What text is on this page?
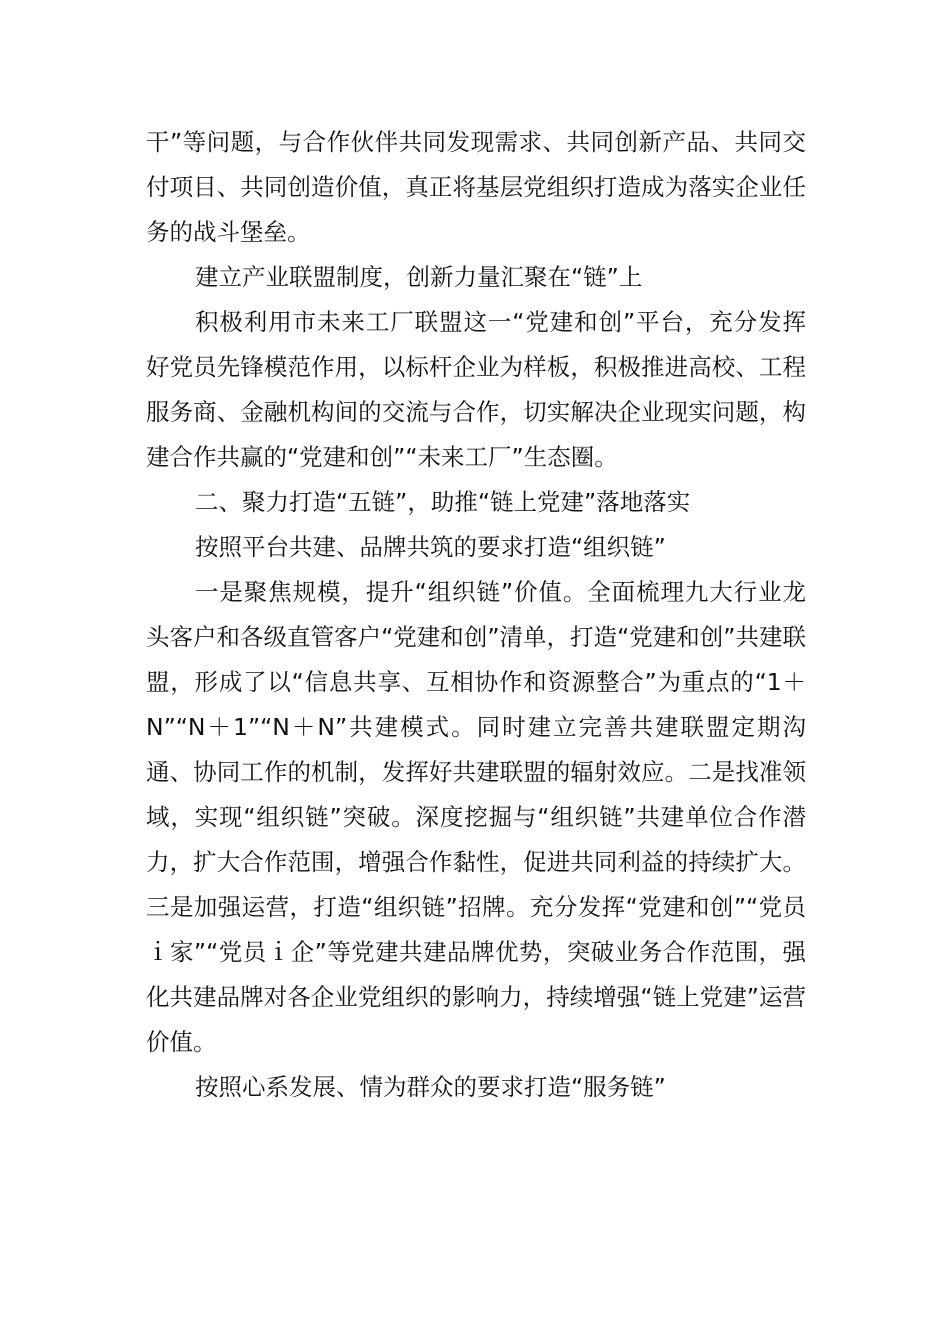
干”等问题，与合作伙伴共同发现需求、共同创新产品、共同交付项目、共同创造价值，真正将基层党组织打造成为落实企业任务的战斗堡垒。

建立产业联盟制度，创新力量汇聚在“链”上

积极利用市未来工厂联盟这一“党建和创”平台，充分发挥好党员先锋模范作用，以标杆企业为样板，积极推进高校、工程服务商、金融机构间的交流与合作，切实解决企业现实问题，构建合作共赢的“党建和创”“未来工厂”生态圈。

二、聚力打造“五链”，助推“链上党建”落地落实

按照平台共建、品牌共筑的要求打造“组织链”

一是聚焦规模，提升“组织链”价值。全面梳理九大行业龙头客户和各级直管客户“党建和创”清单，打造“党建和创”共建联盟，形成了以“信息共享、互相协作和资源整合”为重点的“1＋N”“N＋1”“N＋N”共建模式。同时建立完善共建联盟定期沟通、协同工作的机制，发挥好共建联盟的辐射效应。二是找准领域，实现“组织链”突破。深度挖掘与“组织链”共建单位合作潜力，扩大合作范围，增强合作黏性，促进共同利益的持续扩大。三是加强运营，打造“组织链”招牌。充分发挥“党建和创”“党员ｉ家”“党员ｉ企”等党建共建品牌优势，突破业务合作范围，强化共建品牌对各企业党组织的影响力，持续增强“链上党建”运营价值。

按照心系发展、情为群众的要求打造“服务链”
